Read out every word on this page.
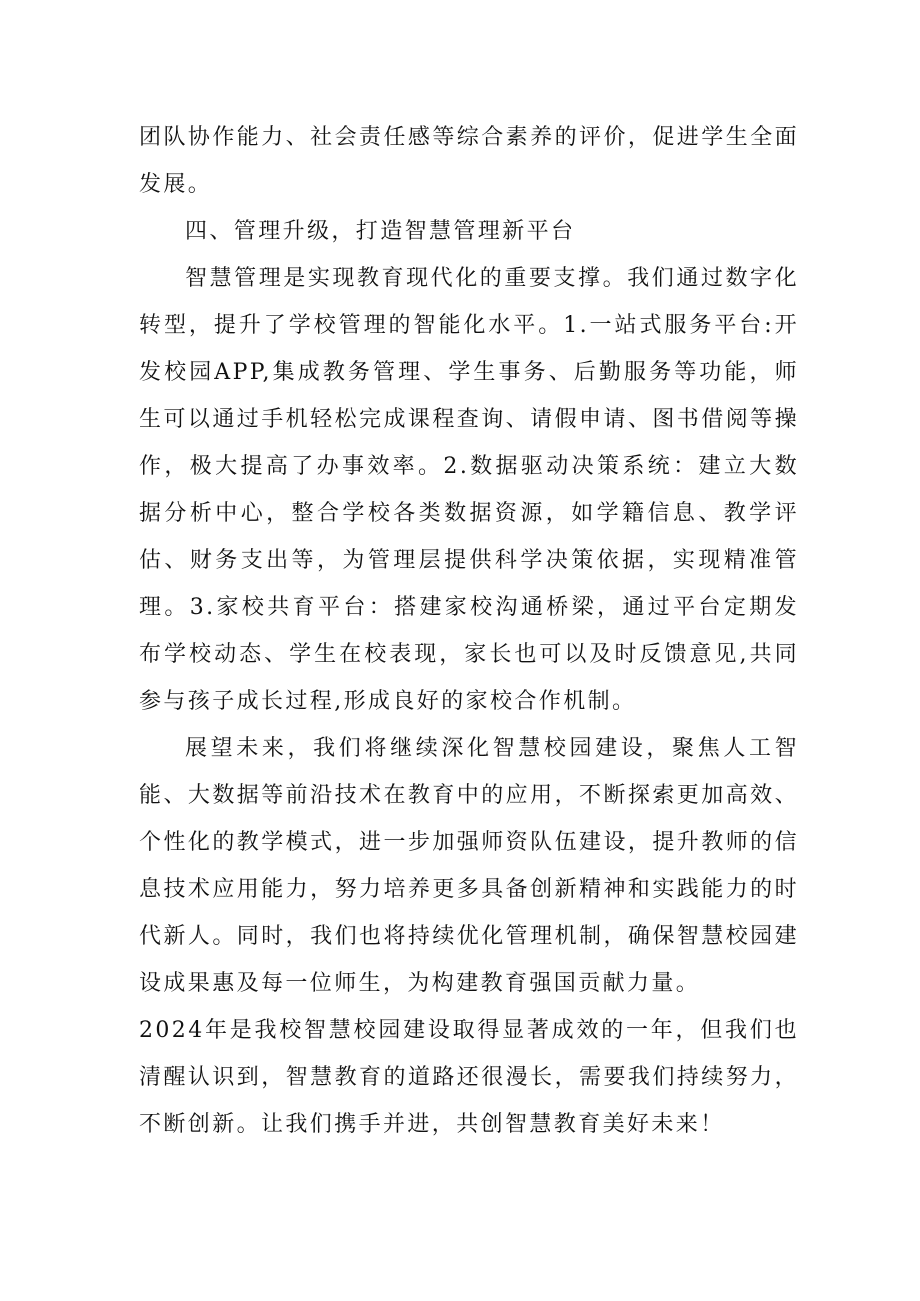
团队协作能力、社会责任感等综合素养的评价，促进学生全面发展。

四、管理升级，打造智慧管理新平台

智慧管理是实现教育现代化的重要支撑。我们通过数字化转型，提升了学校管理的智能化水平。1.一站式服务平台:开发校园APP,集成教务管理、学生事务、后勤服务等功能，师生可以通过手机轻松完成课程查询、请假申请、图书借阅等操作，极大提高了办事效率。2.数据驱动决策系统：建立大数据分析中心，整合学校各类数据资源，如学籍信息、教学评估、财务支出等，为管理层提供科学决策依据，实现精准管理。3.家校共育平台：搭建家校沟通桥梁，通过平台定期发布学校动态、学生在校表现，家长也可以及时反馈意见,共同参与孩子成长过程,形成良好的家校合作机制。

展望未来，我们将继续深化智慧校园建设，聚焦人工智能、大数据等前沿技术在教育中的应用，不断探索更加高效、个性化的教学模式，进一步加强师资队伍建设，提升教师的信息技术应用能力，努力培养更多具备创新精神和实践能力的时代新人。同时，我们也将持续优化管理机制，确保智慧校园建设成果惠及每一位师生，为构建教育强国贡献力量。

2024年是我校智慧校园建设取得显著成效的一年，但我们也清醒认识到，智慧教育的道路还很漫长，需要我们持续努力，不断创新。让我们携手并进，共创智慧教育美好未来！
